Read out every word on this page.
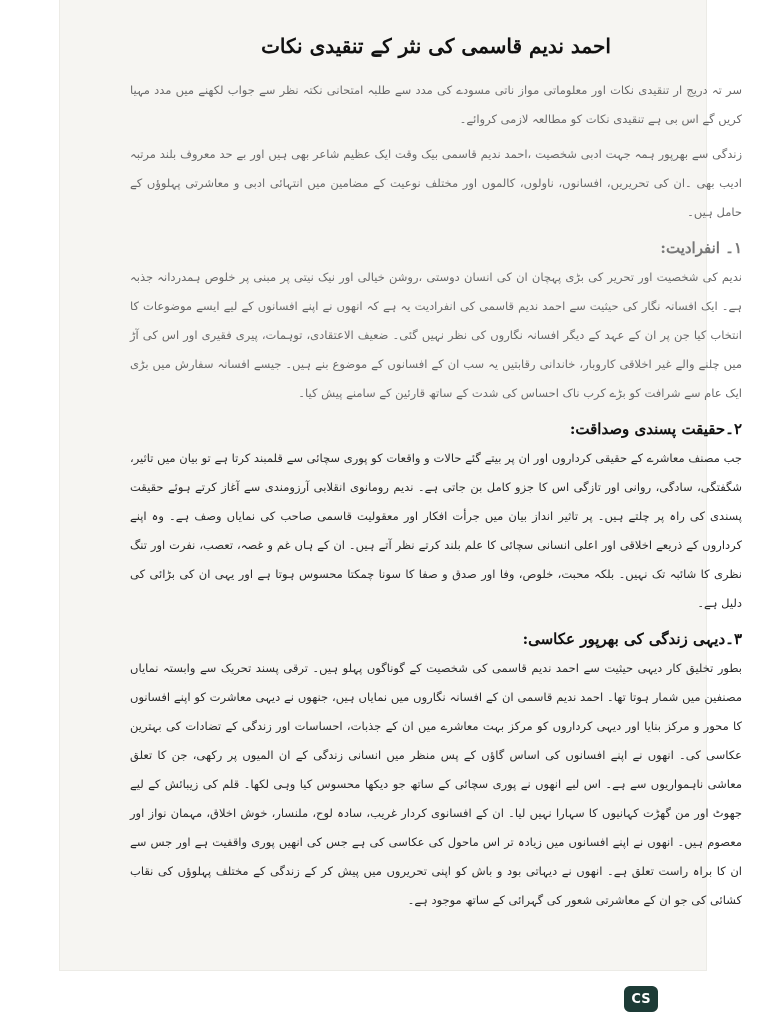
احمد ندیم قاسمی کی نثر کے تنقیدی نکات

سر تہ دریج ار تنقیدی نکات اور معلوماتی مواز ناتی مسودے کی مدد سے طلبہ امتحانی نکتہ نظر سے جواب لکھنے میں مدد مہیا کریں گے اس بی ہے تنقیدی نکات کو مطالعہ لازمی کروائے۔

زندگی سے بھرپور ہمہ جہت ادبی شخصیت ،احمد ندیم قاسمی بیک وقت ایک عظیم شاعر بھی ہیں اور بے حد معروف بلند مرتبہ ادیب بھی ۔ان کی تحریریں، افسانوں، ناولوں، کالموں اور مختلف نوعیت کے مضامین میں انتہائی ادبی و معاشرتی پہلوؤں کے حامل ہیں۔

۱۔ انفرادیت:

ندیم کی شخصیت اور تحریر کی بڑی پہچان ان کی انسان دوستی ،روشن خیالی اور نیک نیتی پر مبنی پر خلوص ہمدردانہ جذبہ ہے۔ ایک افسانہ نگار کی حیثیت سے احمد ندیم قاسمی کی انفرادیت یہ ہے کہ انھوں نے اپنے افسانوں کے لیے ایسے موضوعات کا انتخاب کیا جن پر ان کے عہد کے دیگر افسانہ نگاروں کی نظر نہیں گئی۔ ضعیف الاعتقادی، توہمات، پیری فقیری اور اس کی آڑ میں چلنے والے غیر اخلاقی کاروبار، خاندانی رقابتیں یہ سب ان کے افسانوں کے موضوع بنے ہیں۔ جیسے افسانہ سفارش میں بڑی ایک عام سے شرافت کو بڑے کرب ناک احساس کی شدت کے ساتھ قارئین کے سامنے پیش کیا۔

۲۔حقیقت پسندی وصداقت:

جب مصنف معاشرے کے حقیقی کرداروں اور ان پر بیتے گئے حالات و واقعات کو پوری سچائی سے قلمبند کرتا ہے تو بیان میں تاثیر، شگفتگی، سادگی، روانی اور تازگی اس کا جزو کامل بن جاتی ہے۔ ندیم رومانوی انقلابی آرزومندی سے آغاز کرتے ہوئے حقیقت پسندی کی راہ پر چلتے ہیں۔ پر تاثیر انداز بیان میں جرأت افکار اور معقولیت قاسمی صاحب کی نمایاں وصف ہے۔ وہ اپنے کرداروں کے ذریعے اخلاقی اور اعلی انسانی سچائی کا علم بلند کرتے نظر آتے ہیں۔ ان کے ہاں غم و غصہ، تعصب، نفرت اور تنگ نظری کا شائبہ تک نہیں۔ بلکہ محبت، خلوص، وفا اور صدق و صفا کا سونا چمکتا محسوس ہوتا ہے اور یہی ان کی بڑائی کی دلیل ہے۔

۳۔دیہی زندگی کی بھرپور عکاسی:

بطور تخلیق کار دیہی حیثیت سے احمد ندیم قاسمی کی شخصیت کے گوناگوں پہلو ہیں۔ ترقی پسند تحریک سے وابستہ نمایاں مصنفین میں شمار ہوتا تھا۔ احمد ندیم قاسمی ان کے افسانہ نگاروں میں نمایاں ہیں، جنھوں نے دیہی معاشرت کو اپنے افسانوں کا محور و مرکز بنایا اور دیہی کرداروں کو مرکز بہت معاشرے میں ان کے جذبات، احساسات اور زندگی کے تضادات کی بہترین عکاسی کی۔ انھوں نے اپنے افسانوں کی اساس گاؤں کے پس منظر میں انسانی زندگی کے ان المیوں پر رکھی، جن کا تعلق معاشی ناہمواریوں سے ہے۔ اس لیے انھوں نے پوری سچائی کے ساتھ جو دیکھا محسوس کیا وہی لکھا۔ قلم کی زیبائش کے لیے جھوٹ اور من گھڑت کہانیوں کا سہارا نہیں لیا۔ ان کے افسانوی کردار غریب، سادہ لوح، ملنسار، خوش اخلاق، مہمان نواز اور معصوم ہیں۔ انھوں نے اپنے افسانوں میں زیادہ تر اس ماحول کی عکاسی کی ہے جس کی انھیں پوری واقفیت ہے اور جس سے ان کا براہ راست تعلق ہے۔ انھوں نے دیہاتی بود و باش کو اپنی تحریروں میں پیش کر کے زندگی کے مختلف پہلوؤں کی نقاب کشائی کی جو ان کے معاشرتی شعور کی گہرائی کے ساتھ موجود ہے۔

CS
